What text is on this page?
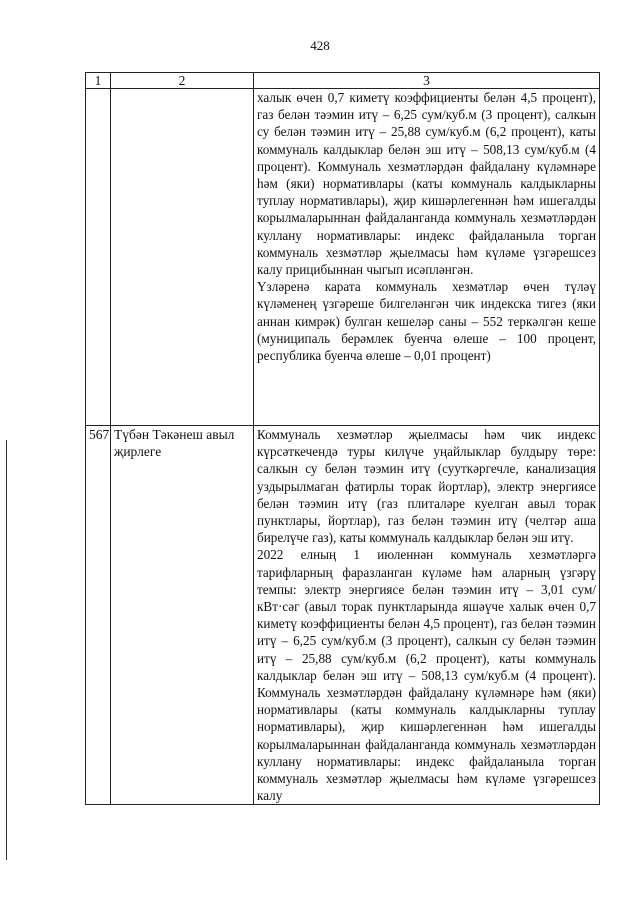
428
1	2	3

		халык өчен 0,7 киметү коэффициенты белән 4,5 процент), газ белән тәэмин итү – 6,25 сум/куб.м (3 процент), салкын су белән тәэмин итү – 25,88 сум/куб.м (6,2 процент), каты коммуналь калдыклар белән эш итү – 508,13 сум/куб.м (4 процент). Коммуналь хезмәтләрдән файдалану күләмнәре һәм (яки) нормативлары (каты коммуналь калдыкларны туплау нормативлары), җир кишәрлегеннән һәм ишегалды корылмаларыннан файдаланганда коммуналь хезмәтләрдән куллану нормативлары: индекс файдаланыла торган коммуналь хезмәтләр җыелмасы һәм күләме үзгәрешсез калу прицибыннан чыгып исәпләнгән.

Үзләренә карата коммуналь хезмәтләр өчен түләү күләменең үзгәреше билгеләнгән чик индекска тигез (яки аннан кимрәк) булган кешеләр саны – 552 теркәлгән кеше (муниципаль берәмлек буенча өлеше – 100 процент, республика буенча өлеше – 0,01 процент)

567	Түбән Тәкәнеш авыл җирлеге	Коммуналь хезмәтләр җыелмасы һәм чик индекс күрсәткечендә туры килүче уңайлыклар булдыру төре: салкын су белән тәэмин итү (сууткәргечле, канализация уздырылмаган фатирлы торак йортлар), электр энергиясе белән тәэмин итү (газ плиталәре куелган авыл торак пунктлары, йортлар), газ белән тәэмин итү (челтәр аша бирелүче газ), каты коммуналь калдыклар белән эш итү.

2022 елның 1 июленнән коммуналь хезмәтләргә тарифларның фаразланган күләме һәм аларның үзгәрү темпы: электр энергиясе белән тәэмин итү – 3,01 сум/кВт·сәг (авыл торак пунктларында яшәүче халык өчен 0,7 киметү коэффициенты белән 4,5 процент), газ белән тәэмин итү – 6,25 сум/куб.м (3 процент), салкын су белән тәэмин итү – 25,88 сум/куб.м (6,2 процент), каты коммуналь калдыклар белән эш итү – 508,13 сум/куб.м (4 процент). Коммуналь хезмәтләрдән файдалану күләмнәре һәм (яки) нормативлары (каты коммуналь калдыкларны туплау нормативлары), җир кишәрлегеннән һәм ишегалды корылмаларыннан файдаланганда коммуналь хезмәтләрдән куллану нормативлары: индекс файдаланыла торган коммуналь хезмәтләр җыелмасы һәм күләме үзгәрешсез калу
